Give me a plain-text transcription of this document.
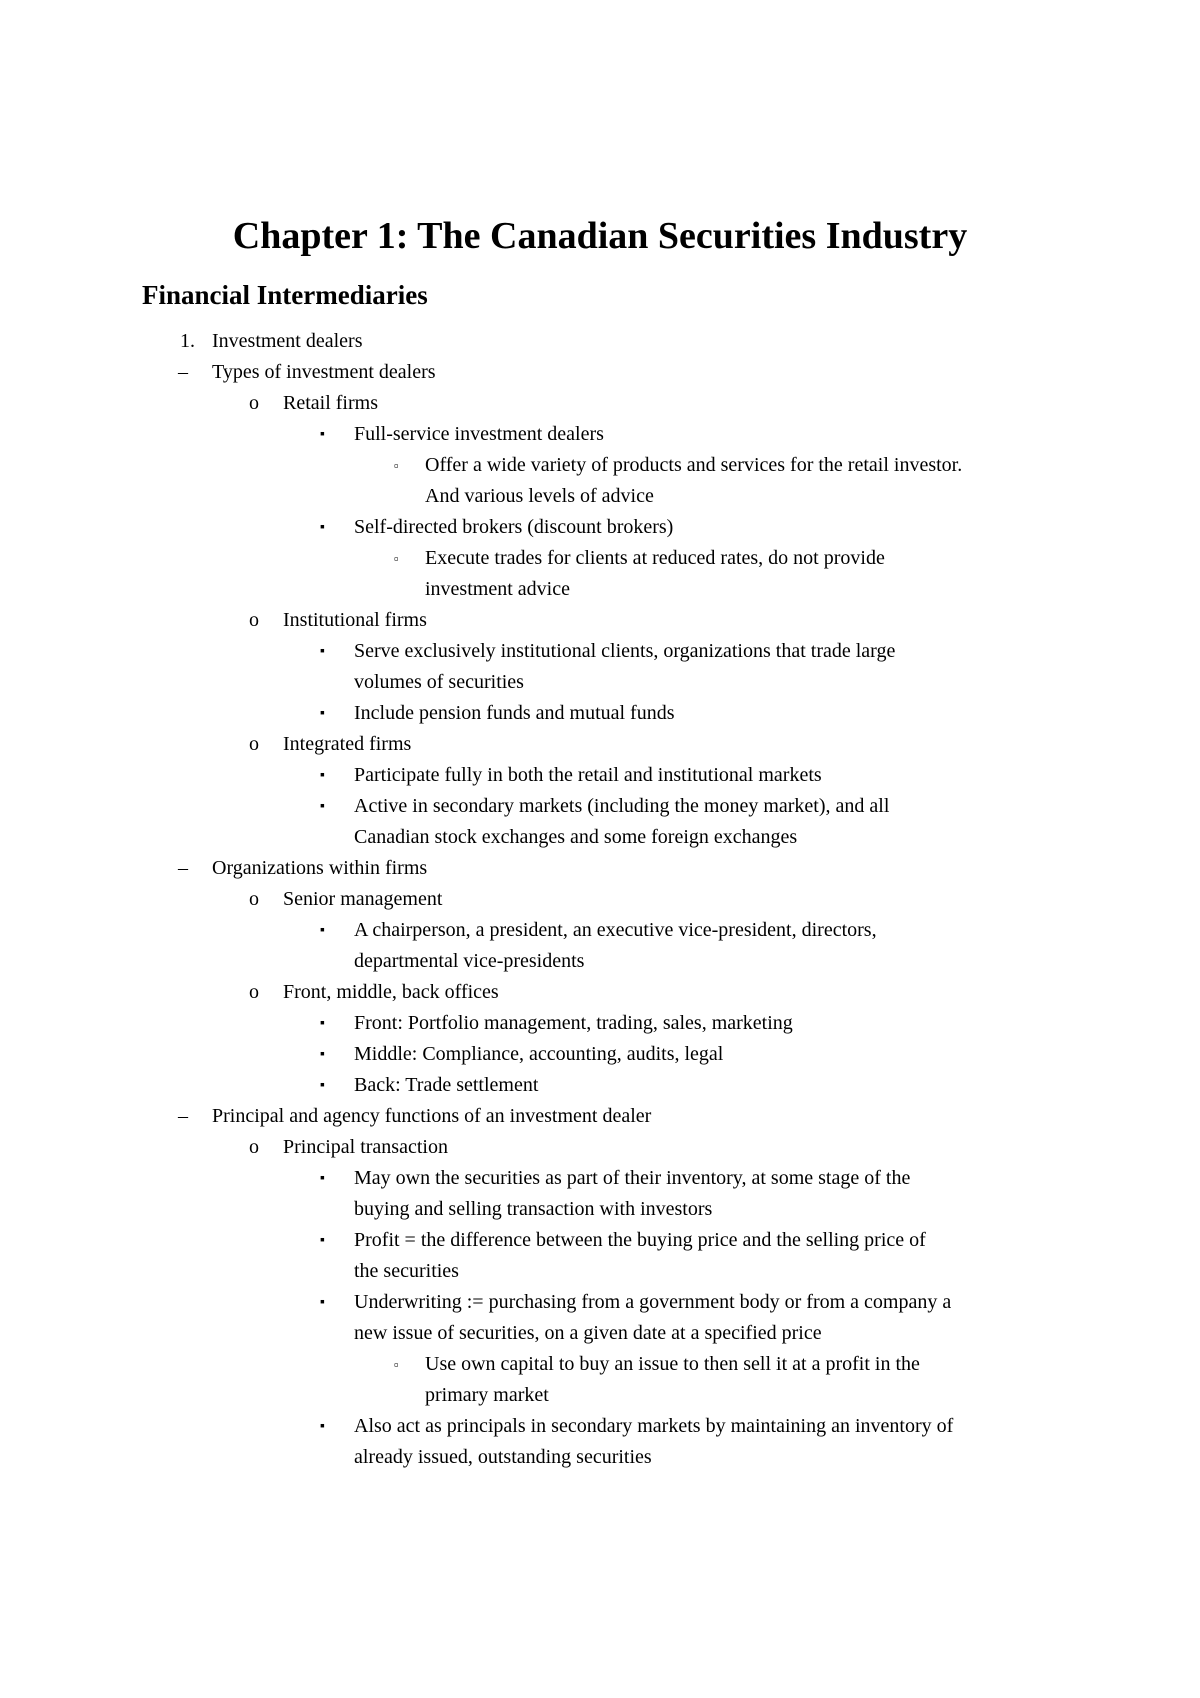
Chapter 1: The Canadian Securities Industry
Financial Intermediaries
1. Investment dealers
– Types of investment dealers
o Retail firms
▪ Full-service investment dealers
▫ Offer a wide variety of products and services for the retail investor.
And various levels of advice
▪ Self-directed brokers (discount brokers)
▫ Execute trades for clients at reduced rates, do not provide
investment advice
o Institutional firms
▪ Serve exclusively institutional clients, organizations that trade large
volumes of securities
▪ Include pension funds and mutual funds
o Integrated firms
▪ Participate fully in both the retail and institutional markets
▪ Active in secondary markets (including the money market), and all
Canadian stock exchanges and some foreign exchanges
– Organizations within firms
o Senior management
▪ A chairperson, a president, an executive vice-president, directors,
departmental vice-presidents
o Front, middle, back offices
▪ Front: Portfolio management, trading, sales, marketing
▪ Middle: Compliance, accounting, audits, legal
▪ Back: Trade settlement
– Principal and agency functions of an investment dealer
o Principal transaction
▪ May own the securities as part of their inventory, at some stage of the
buying and selling transaction with investors
▪ Profit = the difference between the buying price and the selling price of
the securities
▪ Underwriting := purchasing from a government body or from a company a
new issue of securities, on a given date at a specified price
▫ Use own capital to buy an issue to then sell it at a profit in the
primary market
▪ Also act as principals in secondary markets by maintaining an inventory of
already issued, outstanding securities
